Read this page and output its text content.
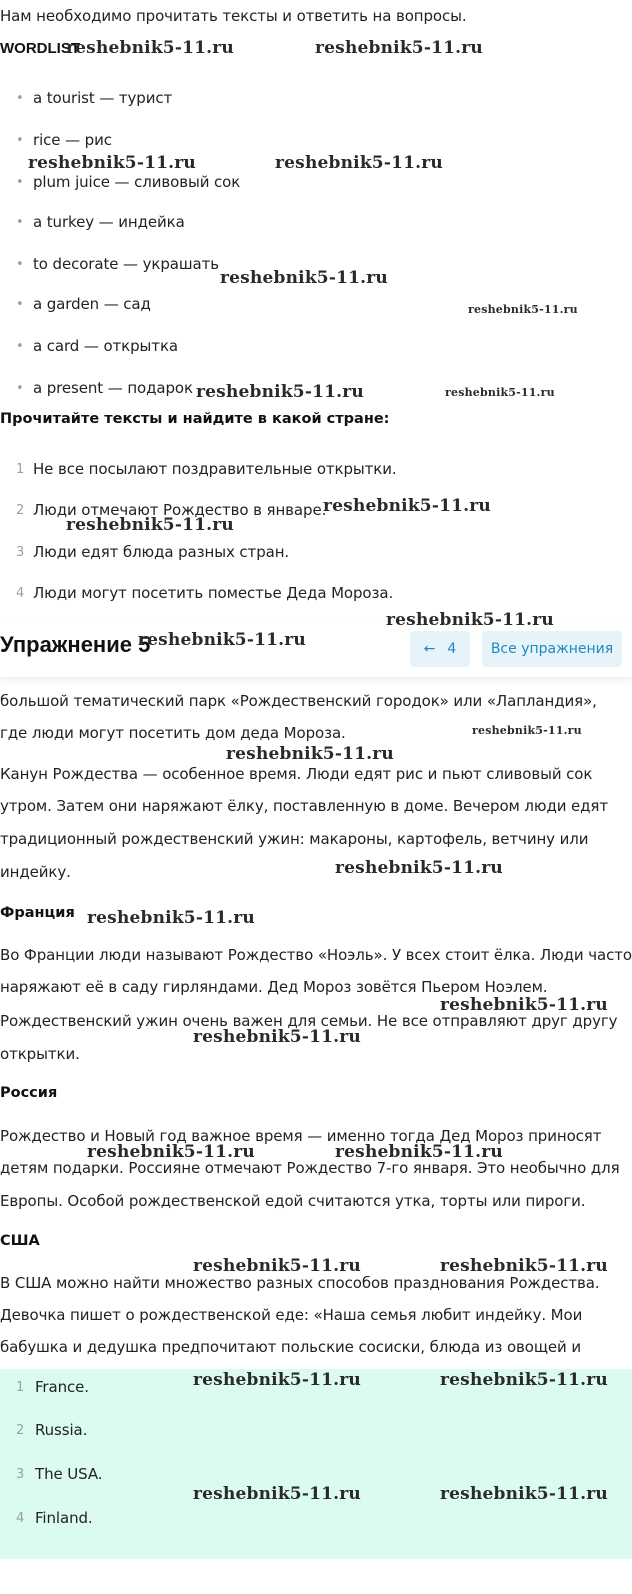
Нам необходимо прочитать тексты и ответить на вопросы.
WORDLIST
• a tourist — турист
• rice — рис
• plum juice — сливовый сок
• a turkey — индейка
• to decorate — украшать
• a garden — сад
• a card — открытка
• a present — подарок
Прочитайте тексты и найдите в какой стране:
1 Не все посылают поздравительные открытки.
2 Люди отмечают Рождество в январе.
3 Люди едят блюда разных стран.
4 Люди могут посетить поместье Деда Мороза.
Упражнение 5	← 4	Все упражнения
большой тематический парк «Рождественский городок» или «Лапландия»,
где люди могут посетить дом деда Мороза.
Канун Рождества — особенное время. Люди едят рис и пьют сливовый сок
утром. Затем они наряжают ёлку, поставленную в доме. Вечером люди едят
традиционный рождественский ужин: макароны, картофель, ветчину или
индейку.
Франция
Во Франции люди называют Рождество «Ноэль». У всех стоит ёлка. Люди часто
наряжают её в саду гирляндами. Дед Мороз зовётся Пьером Ноэлем.
Рождественский ужин очень важен для семьи. Не все отправляют друг другу
открытки.
Россия
Рождество и Новый год важное время — именно тогда Дед Мороз приносят
детям подарки. Россияне отмечают Рождество 7-го января. Это необычно для
Европы. Особой рождественской едой считаются утка, торты или пироги.
США
В США можно найти множество разных способов празднования Рождества.
Девочка пишет о рождественской еде: «Наша семья любит индейку. Мои
бабушка и дедушка предпочитают польские сосиски, блюда из овощей и
1 France.
2 Russia.
3 The USA.
4 Finland.
reshebnik5-11.ru	reshebnik5-11.ru
reshebnik5-11.ru	reshebnik5-11.ru
reshebnik5-11.ru
reshebnik5-11.ru
reshebnik5-11.ru	reshebnik5-11.ru
reshebnik5-11.ru
reshebnik5-11.ru
reshebnik5-11.ru
reshebnik5-11.ru
reshebnik5-11.ru
reshebnik5-11.ru
reshebnik5-11.ru
reshebnik5-11.ru
reshebnik5-11.ru
reshebnik5-11.ru
reshebnik5-11.ru	reshebnik5-11.ru
reshebnik5-11.ru	reshebnik5-11.ru
reshebnik5-11.ru	reshebnik5-11.ru
reshebnik5-11.ru	reshebnik5-11.ru
